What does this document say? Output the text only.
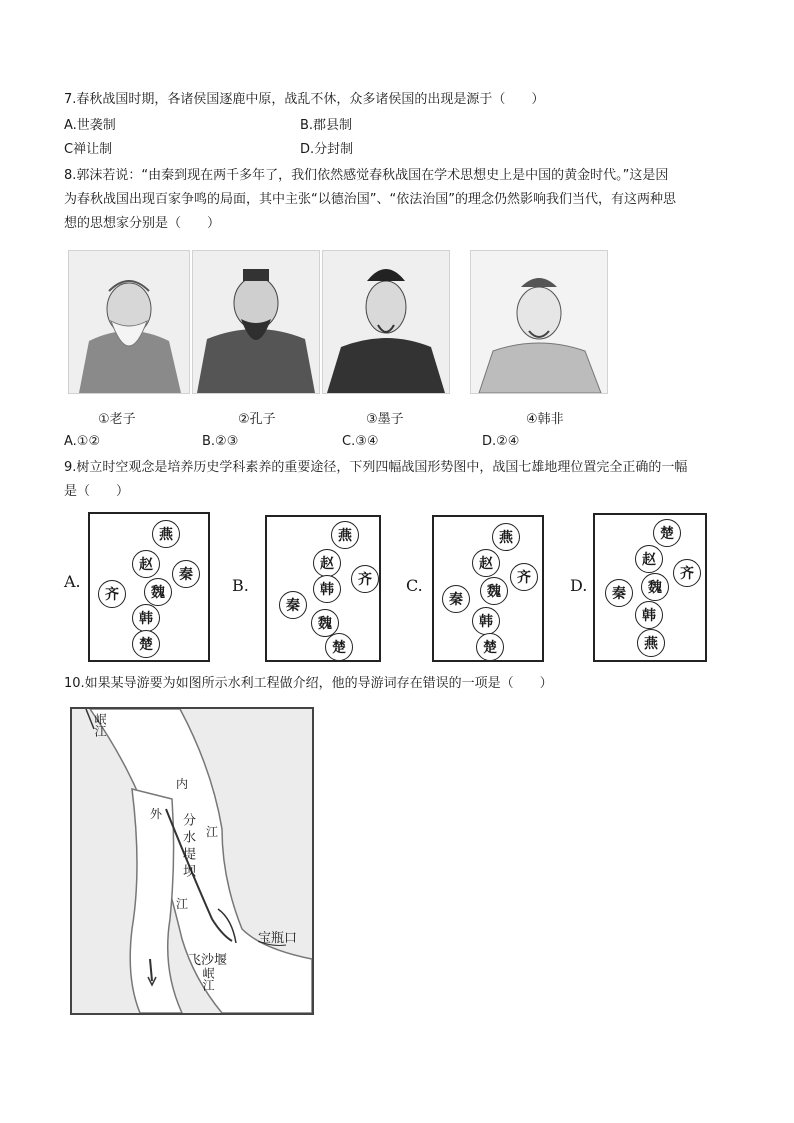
7.春秋战国时期，各诸侯国逐鹿中原，战乱不休，众多诸侯国的出现是源于（　　）
A.世袭制	B.郡县制
C禅让制	D.分封制
8.郭沫若说：“由秦到现在两千多年了，我们依然感觉春秋战国在学术思想史上是中国的黄金时代。”这是因
为春秋战国出现百家争鸣的局面，其中主张“以德治国”、“依法治国”的理念仍然影响我们当代，有这两种思
想的思想家分别是（　　）
①老子	②孔子	③墨子	④韩非
A.①②	B.②③	C.③④	D.②④
9.树立时空观念是培养历史学科素养的重要途径，下列四幅战国形势图中，战国七雄地理位置完全正确的一幅
是（　　）
A.
燕
赵
秦
魏
齐
韩
楚
B.
燕
赵
齐
韩
秦
魏
楚
C.
燕
赵
齐
魏
秦
韩
楚
D.
楚
赵
齐
秦	魏
韩
燕
10.如果某导游要为如图所示水利工程做介绍，他的导游词存在错误的一项是（　　）
岷江
内
江
外
江
分水堤坝
宝瓶口
飞沙堰
岷江
